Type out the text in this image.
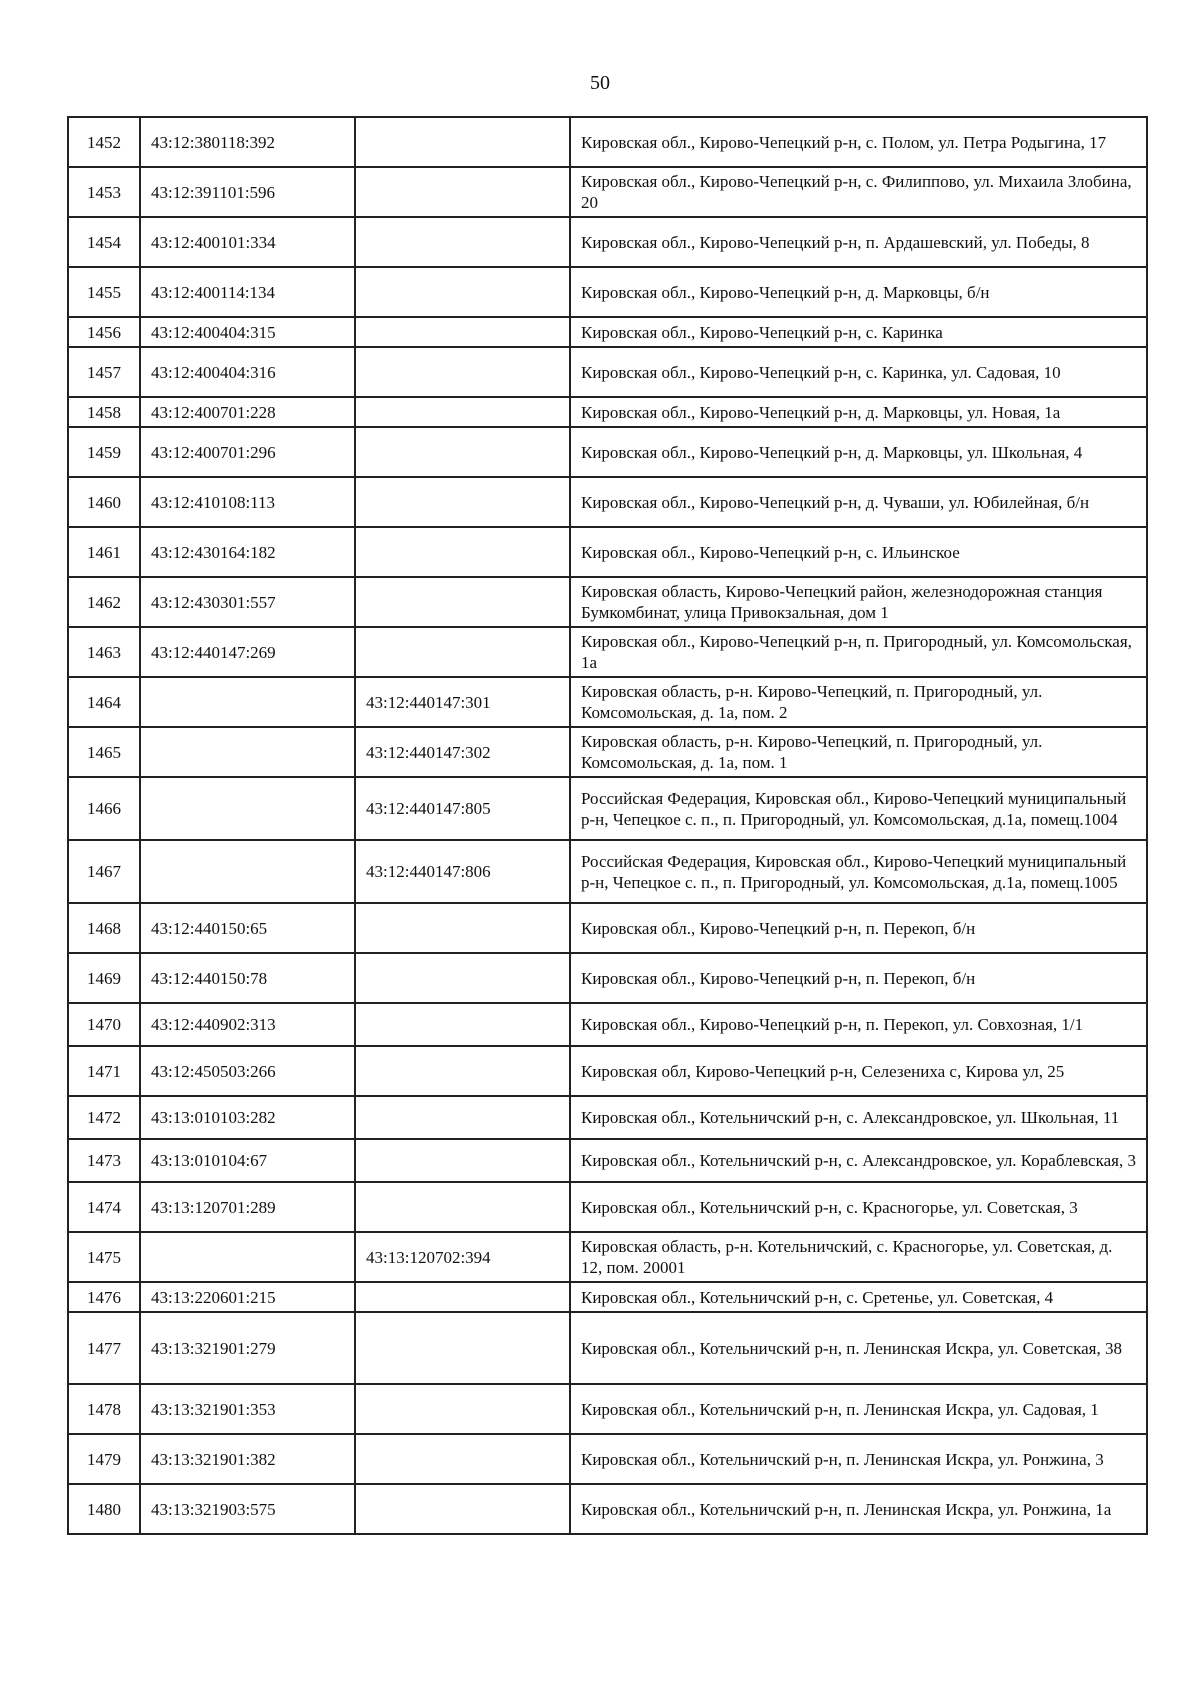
50
1452	43:12:380118:392		Кировская обл., Кирово-Чепецкий р-н, с. Полом, ул. Петра Родыгина, 17
1453	43:12:391101:596		Кировская обл., Кирово-Чепецкий р-н, с. Филиппово, ул. Михаила Злобина, 20
1454	43:12:400101:334		Кировская обл., Кирово-Чепецкий р-н, п. Ардашевский, ул. Победы, 8
1455	43:12:400114:134		Кировская обл., Кирово-Чепецкий р-н, д. Марковцы, б/н
1456	43:12:400404:315		Кировская обл., Кирово-Чепецкий р-н, с. Каринка
1457	43:12:400404:316		Кировская обл., Кирово-Чепецкий р-н, с. Каринка, ул. Садовая, 10
1458	43:12:400701:228		Кировская обл., Кирово-Чепецкий р-н, д. Марковцы, ул. Новая, 1а
1459	43:12:400701:296		Кировская обл., Кирово-Чепецкий р-н, д. Марковцы, ул. Школьная, 4
1460	43:12:410108:113		Кировская обл., Кирово-Чепецкий р-н, д. Чуваши, ул. Юбилейная, б/н
1461	43:12:430164:182		Кировская обл., Кирово-Чепецкий р-н, с. Ильинское
1462	43:12:430301:557		Кировская область, Кирово-Чепецкий район, железнодорожная станция Бумкомбинат, улица Привокзальная, дом 1
1463	43:12:440147:269		Кировская обл., Кирово-Чепецкий р-н, п. Пригородный, ул. Комсомольская, 1а
1464		43:12:440147:301	Кировская область, р-н. Кирово-Чепецкий, п. Пригородный, ул. Комсомольская, д. 1а, пом. 2
1465		43:12:440147:302	Кировская область, р-н. Кирово-Чепецкий, п. Пригородный, ул. Комсомольская, д. 1а, пом. 1
1466		43:12:440147:805	Российская Федерация, Кировская обл., Кирово-Чепецкий муниципальный р-н, Чепецкое с. п., п. Пригородный, ул. Комсомольская, д.1а, помещ.1004
1467		43:12:440147:806	Российская Федерация, Кировская обл., Кирово-Чепецкий муниципальный р-н, Чепецкое с. п., п. Пригородный, ул. Комсомольская, д.1а, помещ.1005
1468	43:12:440150:65		Кировская обл., Кирово-Чепецкий р-н, п. Перекоп, б/н
1469	43:12:440150:78		Кировская обл., Кирово-Чепецкий р-н, п. Перекоп, б/н
1470	43:12:440902:313		Кировская обл., Кирово-Чепецкий р-н, п. Перекоп, ул. Совхозная, 1/1
1471	43:12:450503:266		Кировская обл, Кирово-Чепецкий р-н, Селезениха с, Кирова ул, 25
1472	43:13:010103:282		Кировская обл., Котельничский р-н, с. Александровское, ул. Школьная, 11
1473	43:13:010104:67		Кировская обл., Котельничский р-н, с. Александровское, ул. Кораблевская, 3
1474	43:13:120701:289		Кировская обл., Котельничский р-н, с. Красногорье, ул. Советская, 3
1475		43:13:120702:394	Кировская область, р-н. Котельничский, с. Красногорье, ул. Советская, д. 12, пом. 20001
1476	43:13:220601:215		Кировская обл., Котельничский р-н, с. Сретенье, ул. Советская, 4
1477	43:13:321901:279		Кировская обл., Котельничский р-н, п. Ленинская Искра, ул. Советская, 38
1478	43:13:321901:353		Кировская обл., Котельничский р-н, п. Ленинская Искра, ул. Садовая, 1
1479	43:13:321901:382		Кировская обл., Котельничский р-н, п. Ленинская Искра, ул. Ронжина, 3
1480	43:13:321903:575		Кировская обл., Котельничский р-н, п. Ленинская Искра, ул. Ронжина, 1а
